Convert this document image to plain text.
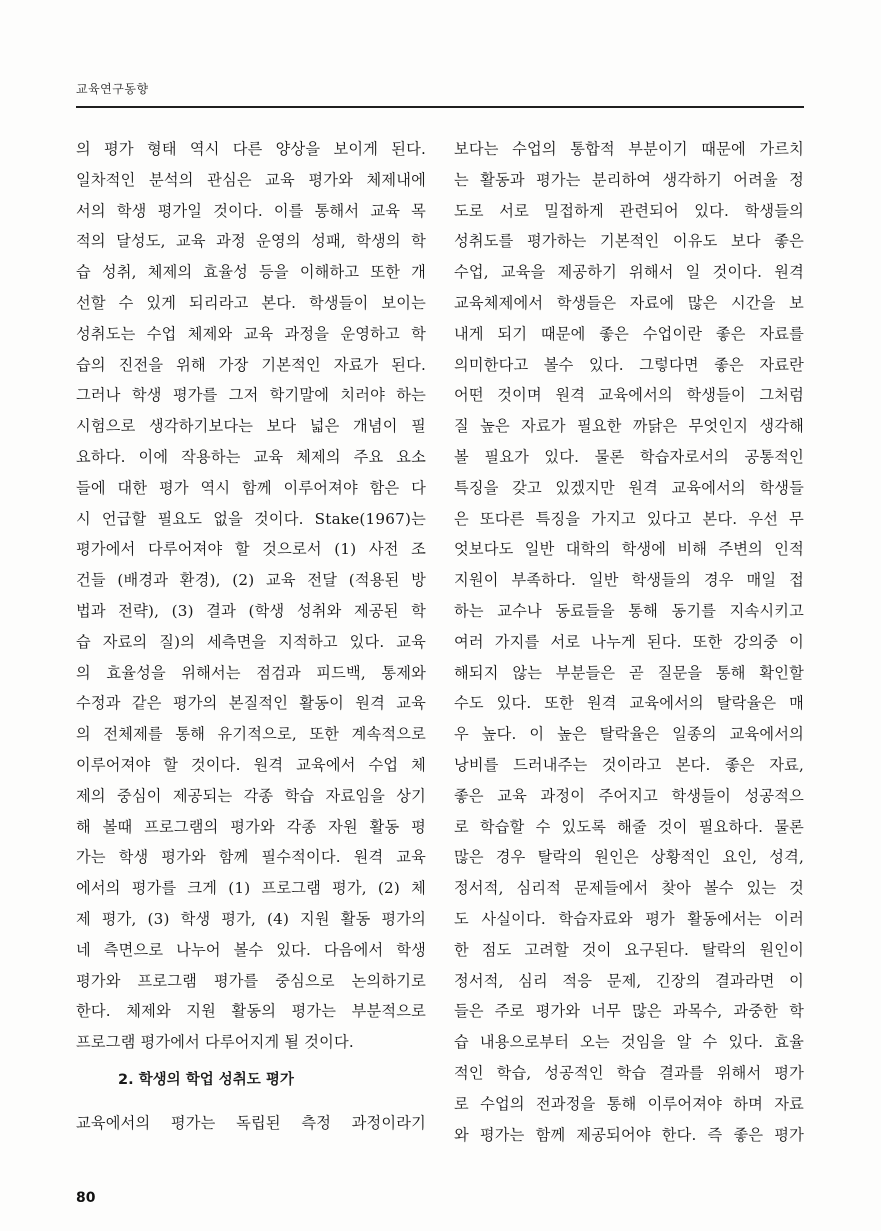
교육연구동향
의 평가 형태 역시 다른 양상을 보이게 된다.
일차적인 분석의 관심은 교육 평가와 체제내에
서의 학생 평가일 것이다. 이를 통해서 교육 목
적의 달성도, 교육 과정 운영의 성패, 학생의 학
습 성취, 체제의 효율성 등을 이해하고 또한 개
선할 수 있게 되리라고 본다. 학생들이 보이는
성취도는 수업 체제와 교육 과정을 운영하고 학
습의 진전을 위해 가장 기본적인 자료가 된다.
그러나 학생 평가를 그저 학기말에 치러야 하는
시험으로 생각하기보다는 보다 넓은 개념이 필
요하다. 이에 작용하는 교육 체제의 주요 요소
들에 대한 평가 역시 함께 이루어져야 함은 다
시 언급할 필요도 없을 것이다. Stake(1967)는
평가에서 다루어져야 할 것으로서 (1) 사전 조
건들 (배경과 환경), (2) 교육 전달 (적용된 방
법과 전략), (3) 결과 (학생 성취와 제공된 학
습 자료의 질)의 세측면을 지적하고 있다. 교육
의 효율성을 위해서는 점검과 피드백, 통제와
수정과 같은 평가의 본질적인 활동이 원격 교육
의 전체제를 통해 유기적으로, 또한 계속적으로
이루어져야 할 것이다. 원격 교육에서 수업 체
제의 중심이 제공되는 각종 학습 자료임을 상기
해 볼때 프로그램의 평가와 각종 자원 활동 평
가는 학생 평가와 함께 필수적이다. 원격 교육
에서의 평가를 크게 (1) 프로그램 평가, (2) 체
제 평가, (3) 학생 평가, (4) 지원 활동 평가의
네 측면으로 나누어 볼수 있다. 다음에서 학생
평가와 프로그램 평가를 중심으로 논의하기로
한다. 체제와 지원 활동의 평가는 부분적으로
프로그램 평가에서 다루어지게 될 것이다.
2. 학생의 학업 성취도 평가
교육에서의 평가는 독립된 측정 과정이라기
보다는 수업의 통합적 부분이기 때문에 가르치
는 활동과 평가는 분리하여 생각하기 어려울 정
도로 서로 밀접하게 관련되어 있다. 학생들의
성취도를 평가하는 기본적인 이유도 보다 좋은
수업, 교육을 제공하기 위해서 일 것이다. 원격
교육체제에서 학생들은 자료에 많은 시간을 보
내게 되기 때문에 좋은 수업이란 좋은 자료를
의미한다고 볼수 있다. 그렇다면 좋은 자료란
어떤 것이며 원격 교육에서의 학생들이 그처럼
질 높은 자료가 필요한 까닭은 무엇인지 생각해
볼 필요가 있다. 물론 학습자로서의 공통적인
특징을 갖고 있겠지만 원격 교육에서의 학생들
은 또다른 특징을 가지고 있다고 본다. 우선 무
엇보다도 일반 대학의 학생에 비해 주변의 인적
지원이 부족하다. 일반 학생들의 경우 매일 접
하는 교수나 동료들을 통해 동기를 지속시키고
여러 가지를 서로 나누게 된다. 또한 강의중 이
해되지 않는 부분들은 곧 질문을 통해 확인할
수도 있다. 또한 원격 교육에서의 탈락율은 매
우 높다. 이 높은 탈락율은 일종의 교육에서의
낭비를 드러내주는 것이라고 본다. 좋은 자료,
좋은 교육 과정이 주어지고 학생들이 성공적으
로 학습할 수 있도록 해줄 것이 필요하다. 물론
많은 경우 탈락의 원인은 상황적인 요인, 성격,
정서적, 심리적 문제들에서 찾아 볼수 있는 것
도 사실이다. 학습자료와 평가 활동에서는 이러
한 점도 고려할 것이 요구된다. 탈락의 원인이
정서적, 심리 적응 문제, 긴장의 결과라면 이
들은 주로 평가와 너무 많은 과목수, 과중한 학
습 내용으로부터 오는 것임을 알 수 있다. 효율
적인 학습, 성공적인 학습 결과를 위해서 평가
로 수업의 전과정을 통해 이루어져야 하며 자료
와 평가는 함께 제공되어야 한다. 즉 좋은 평가
80
